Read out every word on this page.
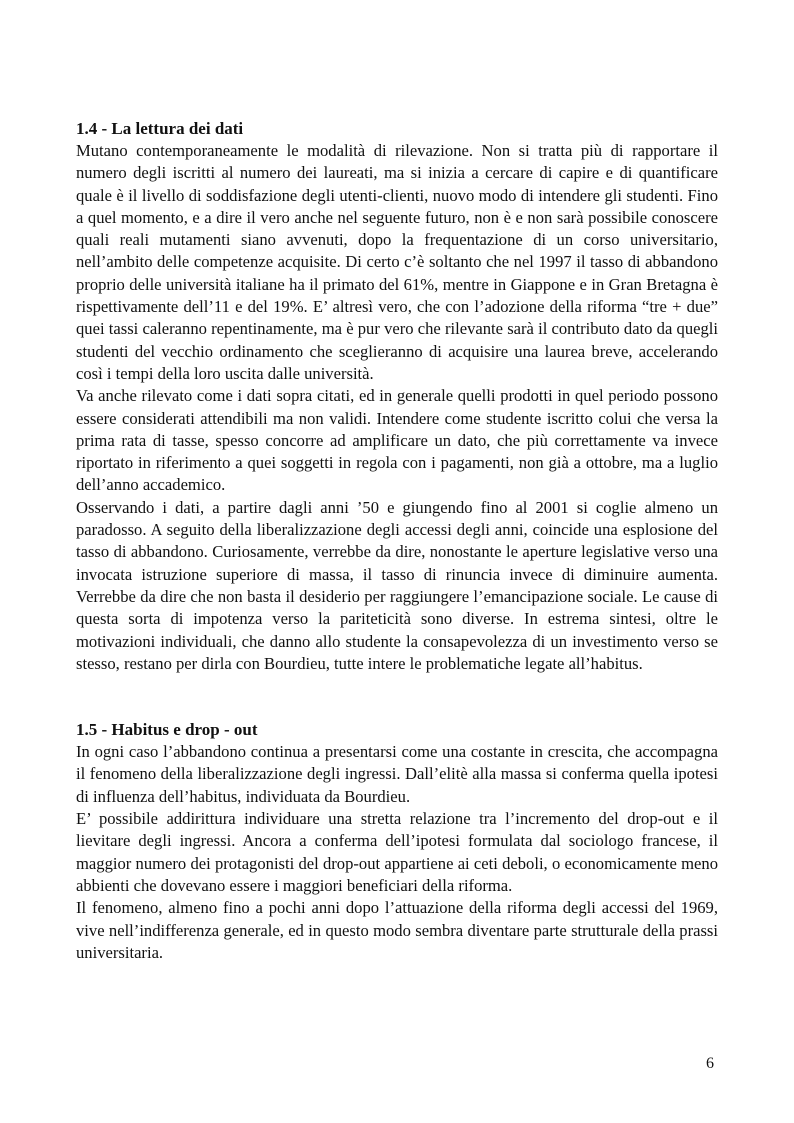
1.4 - La lettura dei dati

Mutano contemporaneamente le modalità di rilevazione. Non si tratta più di rapportare il numero degli iscritti al numero dei laureati, ma si inizia a cercare di capire e di quantificare quale è il livello di soddisfazione degli utenti-clienti, nuovo modo di intendere gli studenti. Fino a quel momento, e a dire il vero anche nel seguente futuro, non è e non sarà possibile conoscere quali reali mutamenti siano avvenuti, dopo la frequentazione di un corso universitario, nell’ambito delle competenze acquisite. Di certo c’è soltanto che nel 1997 il tasso di abbandono proprio delle università italiane ha il primato del 61%, mentre in Giappone e in Gran Bretagna è rispettivamente dell’11 e del 19%. E’ altresì vero, che con l’adozione della riforma “tre + due” quei tassi caleranno repentinamente, ma è pur vero che rilevante sarà il contributo dato da quegli studenti del vecchio ordinamento che sceglieranno di acquisire una laurea breve, accelerando così i tempi della loro uscita dalle università.

Va anche rilevato come i dati sopra citati, ed in generale quelli prodotti in quel periodo possono essere considerati attendibili ma non validi. Intendere come studente iscritto colui che versa la prima rata di tasse, spesso concorre ad amplificare un dato, che più correttamente va invece riportato in riferimento a quei soggetti in regola con i pagamenti, non già a ottobre, ma a luglio dell’anno accademico.

Osservando i dati, a partire dagli anni ’50 e giungendo fino al 2001 si coglie almeno un paradosso. A seguito della liberalizzazione degli accessi degli anni, coincide una esplosione del tasso di abbandono. Curiosamente, verrebbe da dire, nonostante le aperture legislative verso una invocata istruzione superiore di massa, il tasso di rinuncia invece di diminuire aumenta. Verrebbe da dire che non basta il desiderio per raggiungere l’emancipazione sociale. Le cause di questa sorta di impotenza verso la pariteticità sono diverse. In estrema sintesi, oltre le motivazioni individuali, che danno allo studente la consapevolezza di un investimento verso se stesso, restano per dirla con Bourdieu, tutte intere le problematiche legate all’habitus.

1.5 - Habitus e drop - out

In ogni caso l’abbandono continua a presentarsi come una costante in crescita, che accompagna il fenomeno della liberalizzazione degli ingressi. Dall’elitè alla massa si conferma quella ipotesi di influenza dell’habitus, individuata da Bourdieu.

E’ possibile addirittura individuare una stretta relazione tra l’incremento del drop-out e il lievitare degli ingressi. Ancora a conferma dell’ipotesi formulata dal sociologo francese, il maggior numero dei protagonisti del drop-out appartiene ai ceti deboli, o economicamente meno abbienti che dovevano essere i maggiori beneficiari della riforma.

Il fenomeno, almeno fino a pochi anni dopo l’attuazione della riforma degli accessi del 1969, vive nell’indifferenza generale, ed in questo modo sembra diventare parte strutturale della prassi universitaria.

6
